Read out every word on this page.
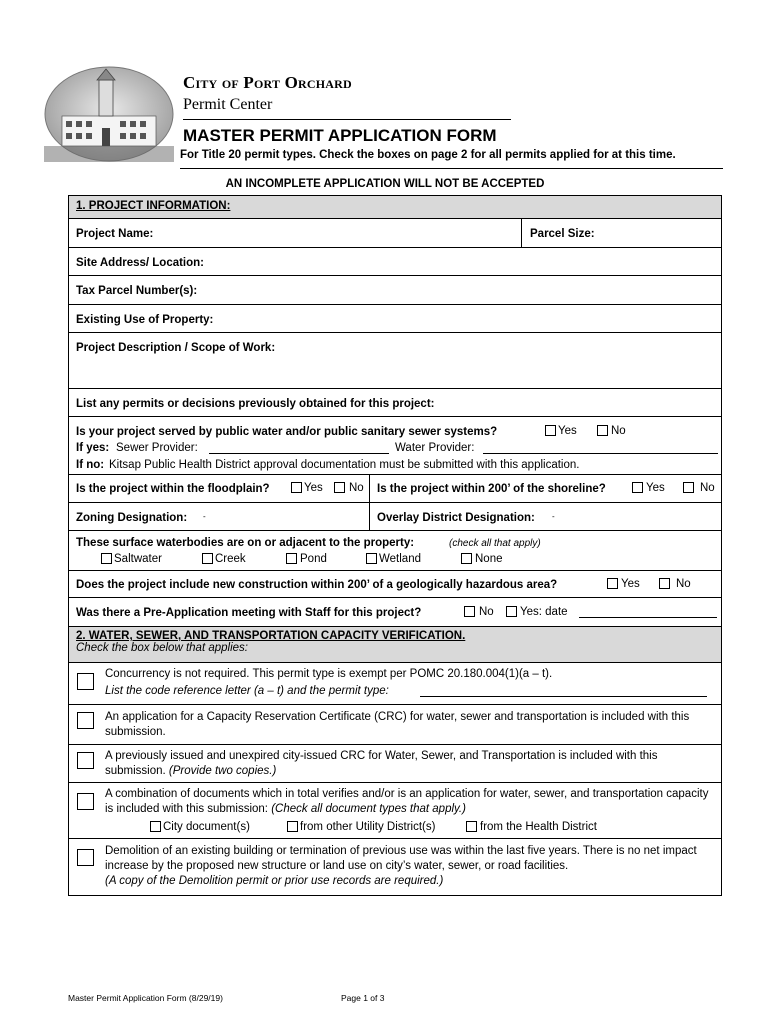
City of Port Orchard
Permit Center
MASTER PERMIT APPLICATION FORM
For Title 20 permit types. Check the boxes on page 2 for all permits applied for at this time.
AN INCOMPLETE APPLICATION WILL NOT BE ACCEPTED
1. PROJECT INFORMATION:
Project Name:	Parcel Size:
Site Address/ Location:
Tax Parcel Number(s):
Existing Use of Property:
Project Description / Scope of Work:
List any permits or decisions previously obtained for this project:
Is your project served by public water and/or public sanitary sewer systems?	Yes	No
If yes: Sewer Provider:	Water Provider:
If no: Kitsap Public Health District approval documentation must be submitted with this application.
Is the project within the floodplain?	Yes No Is the project within 200’ of the shoreline?	Yes	No
Zoning Designation: -	Overlay District Designation: -
These surface waterbodies are on or adjacent to the property:	(check all that apply)
Saltwater	Creek	Pond	Wetland	None
Does the project include new construction within 200’ of a geologically hazardous area?	Yes	No
Was there a Pre-Application meeting with Staff for this project?	No Yes: date
2. WATER, SEWER, AND TRANSPORTATION CAPACITY VERIFICATION.
Check the box below that applies:
Concurrency is not required. This permit type is exempt per POMC 20.180.004(1)(a – t).
List the code reference letter (a – t) and the permit type:
An application for a Capacity Reservation Certificate (CRC) for water, sewer and transportation is included with this submission.
A previously issued and unexpired city-issued CRC for Water, Sewer, and Transportation is included with this submission. (Provide two copies.)
A combination of documents which in total verifies and/or is an application for water, sewer, and transportation capacity is included with this submission: (Check all document types that apply.)
City document(s)	from other Utility District(s)	from the Health District
Demolition of an existing building or termination of previous use was within the last five years. There is no net impact increase by the proposed new structure or land use on city’s water, sewer, or road facilities.
(A copy of the Demolition permit or prior use records are required.)
Master Permit Application Form (8/29/19)	Page 1 of 3
